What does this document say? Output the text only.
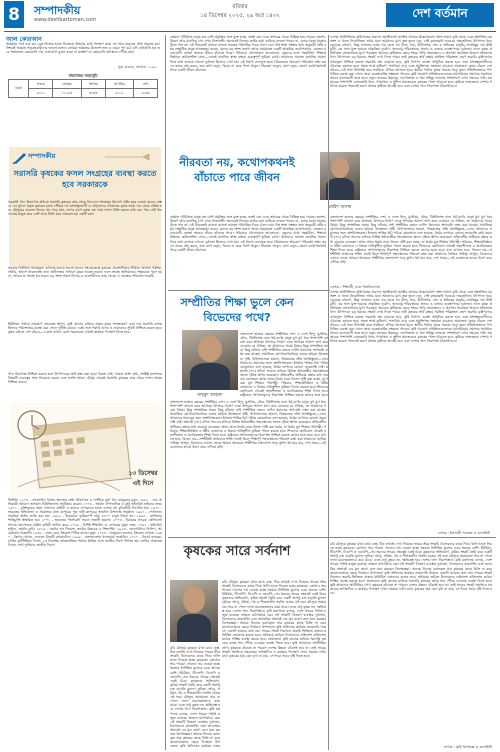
8	সম্পাদকীয়
www.deshbartoman.com
রবিবার
১৪ ডিসেম্বর ২০২৫, ২৯ অগ্র ১৪৩২	দেশ বর্তমান
আল কোরআন
আল্লাহর পথে ব্যয় কর এবং নিজের হাতে নিজেকে ধ্বংসের মধ্যে নিক্ষেপ করো না। আর মানুষের প্রতি অনুগ্রহ কর। নিশ্চয়ই আল্লাহ অনুগ্রহকারীদের ভালোবাসেন। তোমরা আল্লাহর উদ্দেশ্যে হজ ও ওমরা পূর্ণ কর। যদি বাধাপ্রাপ্ত হও তবে সহজলভ্য কোরবানি দাও এবং মাথা মুণ্ডন করো না যতক্ষণ না কোরবানি যথাস্থানে পৌঁছে যায়।
সুরা বাকারা, আয়াত : ১৯৫
নামাজের সময়সূচি
ঢাকা	ফজর	জোহর	আসর	মাগরিব	এশা
	৫:১২	১১:৫৩	৩:৩৩	৫:১২	৬:৩৯
সম্পাদকীয়
সরাসরি কৃষকের ফসল সংগ্রহের ব্যবস্থা করতে হবে সরকারকে
সরকারি খাদ্য বিভাগের মাধ্যমে সরাসরি কৃষকের কাছ থেকে ধান-চাল সংগ্রহের উদ্যোগ প্রতি বছর নেওয়া হলেও বাস্তবে এর সুফল প্রকৃত কৃষকের হাতে পৌঁছায় না। মধ্যস্বত্বভোগী ও ফড়িয়াদের দৌরাত্ম্যে কৃষক ন্যায্য দাম থেকে বঞ্চিত হন। মৌসুমের শুরুতে ধানের দাম পড়ে যায়, ঋণের চাপে কৃষক কম দামে ফসল বিক্রি করতে বাধ্য হন। পরে সেই ধান গুদামে মজুত করে বেশি দামে বিক্রি করে লাভবান হয় একটি চক্র।
সরকার নির্ধারিত সংগ্রহমূল্য কাগজে-কলমে ভালো হলেও সংগ্রহকেন্দ্রে কৃষকের প্রবেশাধিকার সীমিত। আর্দ্রতা পরীক্ষা, লটারি, অ্যাপে নিবন্ধনসহ নানা জটিলতায় সাধারণ কৃষক আগ্রহ হারান। ফলে সংগ্রহ অভিযানের লক্ষ্যমাত্রা পূরণ হয় না, আবার যা সংগ্রহ হয় তারও বড় অংশ আসে মিলার ও ব্যবসায়ীদের কাছ থেকে। এ অবস্থার পরিবর্তন জরুরি।
ইউনিয়ন পর্যায়ে ভ্রাম্যমাণ ক্রয়কেন্দ্র স্থাপন, কৃষি কার্ডের মাধ্যমে প্রকৃত কৃষক শনাক্তকরণ এবং দাম সরাসরি ব্যাংক হিসাবে পরিশোধের ব্যবস্থা করা গেলে দুর্নীতি কমবে। একই সঙ্গে পর্যাপ্ত গুদাম ও শুকানোর সুবিধা নিশ্চিত করতে হবে। কৃষক বাঁচলে দেশ বাঁচবে—এ কথা মাথায় রেখে সরকারকে এখনই কার্যকর পদক্ষেপ নিতে হবে।
খাদ্য নিরাপত্তা নিশ্চিত করতে হলে উৎপাদকের স্বার্থ রক্ষা করা ছাড়া বিকল্প নেই। আমরা আশা করি, সংশ্লিষ্ট মন্ত্রণালয় বিষয়টি গুরুত্বের সঙ্গে বিবেচনা করবে এবং চলতি আমন মৌসুম থেকেই সরাসরি কৃষকের কাছ থেকে ফসল সংগ্রহ নিশ্চিত করবে।
১৩ ডিসেম্বর
এই দিনে
খ্রিস্টাব্দ ১২০৪ - তৎকালীন বিশ্বের অন্যতম শ্রেষ্ঠ চিকিৎসক ও দার্শনিক মুসা বিন মায়মুনের মৃত্যু। ১৬৪২ - ডাচ অভিযাত্রী আবেল তাসমান নিউজিল্যান্ড আবিষ্কার করেন। ১৭৭৪ - জার্মান ঔপন্যাসিক ও কবি হাইনরিখ হাইনের জন্ম। ১৯৭১ - মুক্তিযুদ্ধের সময় দখলদার বাহিনী ও তাদের দোসরদের হাতে দেশের বহু বুদ্ধিজীবী নিখোঁজ হন। ১৯৭৭ - ভারতের অভিনেতা ও প্রযোজক রাজ কাপুরের পুত্র ঋষি কাপুরের জন্মদিন উপলক্ষে অনুষ্ঠান। ১৯৮১ - পোল্যান্ডে সামরিক আইন জারি করা হয়। ১৯৮২ - ইয়েমেনে ভূমিকম্পে প্রায় ২৮০০ মানুষ নিহত হন। ১৯৯৫ - বসনিয়ায় শান্তিচুক্তি স্বাক্ষরিত হয়। ২০০১ - ভারতের পার্লামেন্ট ভবনে সন্ত্রাসী হামলা। ২০০৩ - ইরাকের সাবেক প্রেসিডেন্ট সাদ্দাম হোসেনকে মার্কিন বাহিনী আটক করে। ২০১৬ - বিশিষ্ট শিক্ষাবিদ ও লেখকের মৃত্যু। জন্ম: ১৭৯৭ - হাইনরিখ হাইনে, জার্মান কবি। ১৮১৬ - ভের্নার ফন সিমেন্স, জার্মান উদ্ভাবক ও শিল্পপতি। ১৯২৩ - অ্যান্টোনিও ফিলিপ, আমেরিকান বিজ্ঞানী। ১৯৪৮ - জেফ বেক, ইংরেজ গিটার বাদক। মৃত্যু: ১৭৮৪ - স্যামুয়েল জনসন, ইংরেজ লেখক। ১৯৩০ - ফ্রিৎস প্রেগল, নোবেল বিজয়ী রসায়নবিদ। ১৯৯৫ - বাংলাদেশের খ্যাতনামা ভাষাবিদ। ২০১০ - রিচার্ড হলব্রুক, মার্কিন কূটনীতিক। দিবস: ১৩ ডিসেম্বর আন্তর্জাতিক পর্যায়ে বিভিন্ন দেশে জাতীয় দিবস পালিত হয়। মাল্টার প্রজাতন্ত্র দিবস। সেন্ট লুসিয়ার জাতীয় দিবস।
বর্তমান পৃথিবীতে মানুষ যত বেশি প্রযুক্তির সঙ্গে যুক্ত হচ্ছে, ততই যেন একে অপরের থেকে বিচ্ছিন্ন হয়ে পড়ছে। হতাশা, উদ্বেগ আর মানসিক চাপ এখন নিত্যসঙ্গী। অনেকেই নিজের কষ্টের কথা কাউকে বলতে পারেন না, বলার মতো মানুষও খুঁজে পান না। এই নীরবতাই কখনো কখনো ভয়াবহ পরিণতির দিকে ঠেলে দেয়। বিশ্ব স্বাস্থ্য সংস্থার তথ্য অনুযায়ী প্রতি বছর লক্ষাধিক মানুষ আত্মহত্যা করেন, যাদের বড় অংশ তরুণ। অথচ সময়মতো একটি আন্তরিক কথোপকথন, একজন মনোযোগী শ্রোতা অনেক জীবন বাঁচাতে পারে। পরিবারে খোলামেলা আলোচনা, বন্ধুদের মধ্যে সহমর্মিতা, শিক্ষাপ্রতিষ্ঠানে কাউন্সেলিং সেবা—এসবই মানসিক স্বাস্থ্য রক্ষায় গুরুত্বপূর্ণ ভূমিকা রাখে। আমাদের সমাজে মানসিক সমস্যা নিয়ে কথা বলাকে এখনো দুর্বলতা হিসেবে দেখা হয়। এই ধারণা বদলাতে হবে। প্রিয়জনের আচরণে পরিবর্তন লক্ষ্য করলে তাকে প্রশ্ন করুন, তার কথা শুনুন, বিচার না করে পাশে থাকুন। নীরবতা ভাঙুন, কথা বলুন—কারণ কথোপকথনই পারে একটি জীবন বাঁচাতে।
দেশের অর্থনীতিতে কৃষিখাতের অবদান অনস্বীকার্য। জাতীয় আয়ের উল্লেখযোগ্য অংশ আসে কৃষি থেকে এবং শ্রমশক্তির বড় অংশ এ খাতে নিয়োজিত। অথচ যারা আমাদের মুখে অন্ন তুলে দেন, সেই কৃষকেরাই সবচেয়ে অবহেলিত। উৎপাদন খরচ বেড়েছে বহুগুণ, কিন্তু ফসলের ন্যায্য দাম মেলে না। বীজ, সার, কীটনাশক, সেচ ও শ্রমিকের মজুরি—সবকিছুর দাম ঊর্ধ্বমুখী। এর সঙ্গে যুক্ত হয়েছে প্রাকৃতিক দুর্যোগ, জলবায়ু পরিবর্তনের প্রভাব ও বাজার ব্যবস্থাপনার দুর্বলতা। ফলে কৃষক প্রতিনিয়ত লোকসানের মুখে পড়ছেন। অনেকে কৃষিকাজ ছেড়ে শহরে পাড়ি জমাচ্ছেন। এ প্রবণতা অব্যাহত থাকলে ভবিষ্যতে খাদ্য উৎপাদনে বড় ধরনের সংকট দেখা দিতে পারে। তাই কৃষকের স্বার্থ রক্ষায় সমন্বিত পরিকল্পনা গ্রহণ জরুরি। কৃষিপণ্যের ন্যায্যমূল্য নিশ্চিত করতে সরকারি ক্রয় বাড়াতে হবে, কৃষি বিপণন ব্যবস্থা আধুনিক করতে হবে এবং মধ্যস্বত্বভোগীদের দৌরাত্ম্য কমাতে হবে। সহজ শর্তে কৃষিঋণ, শস্যবিমা চালু এবং প্রযুক্তিগত সহায়তা বাড়ানো প্রয়োজন। কৃষক বাঁচলে দেশ বাঁচবে—এই সত্য উপলব্ধি করে সবাইকে এগিয়ে আসতে হবে। স্থানীয় পর্যায়ে কৃষক সমবায় গড়ে তুলে সম্মিলিতভাবে পণ্য বিক্রির ব্যবস্থা করা গেলে তারা দরকষাকষির সক্ষমতা পাবেন। কৃষি গবেষণা প্রতিষ্ঠানগুলোকে মাঠপর্যায়ের সমস্যার সমাধানে আরও মনোযোগী হতে হবে। নতুন জাতের উদ্ভাবন, লবণাক্ততা ও খরা সহিষ্ণু ফসলের সম্প্রসারণ এখন সময়ের দাবি। সরকারের পাশাপাশি বেসরকারি খাত, গণমাধ্যম ও সুশীল সমাজকেও কৃষকের পাশে দাঁড়াতে হবে। কৃষিকে লাভজনক পেশায় পরিণত করতে পারলেই তরুণ প্রজন্ম কৃষিতে আগ্রহী হবে এবং দেশের খাদ্য নিরাপত্তা টেকসই হবে।
নীরবতা নয়, কথোপকথনই বাঁচাতে পারে জীবন
মেহিদ আলম
বর্তমান পৃথিবীতে মানুষ যত বেশি প্রযুক্তির সঙ্গে যুক্ত হচ্ছে, ততই যেন একে অপরের থেকে বিচ্ছিন্ন হয়ে পড়ছে। হতাশা, উদ্বেগ আর মানসিক চাপ এখন নিত্যসঙ্গী। অনেকেই নিজের কষ্টের কথা কাউকে বলতে পারেন না, বলার মতো মানুষও খুঁজে পান না। এই নীরবতাই কখনো কখনো ভয়াবহ পরিণতির দিকে ঠেলে দেয়। বিশ্ব স্বাস্থ্য সংস্থার তথ্য অনুযায়ী প্রতি বছর লক্ষাধিক মানুষ আত্মহত্যা করেন, যাদের বড় অংশ তরুণ। অথচ সময়মতো একটি আন্তরিক কথোপকথন, একজন মনোযোগী শ্রোতা অনেক জীবন বাঁচাতে পারে। পরিবারে খোলামেলা আলোচনা, বন্ধুদের মধ্যে সহমর্মিতা, শিক্ষাপ্রতিষ্ঠানে কাউন্সেলিং সেবা—এসবই মানসিক স্বাস্থ্য রক্ষায় গুরুত্বপূর্ণ ভূমিকা রাখে। আমাদের সমাজে মানসিক সমস্যা নিয়ে কথা বলাকে এখনো দুর্বলতা হিসেবে দেখা হয়। এই ধারণা বদলাতে হবে। প্রিয়জনের আচরণে পরিবর্তন লক্ষ্য করলে তাকে প্রশ্ন করুন, তার কথা শুনুন, বিচার না করে পাশে থাকুন। নীরবতা ভাঙুন, কথা বলুন—কারণ কথোপকথনই পারে একটি জীবন বাঁচাতে।
বাংলাদেশ হাজার বছরের সম্প্রীতির দেশ। এ দেশে হিন্দু, মুসলিম, বৌদ্ধ, খ্রিস্টানসহ নানা ধর্ম-বর্ণের মানুষ যুগ যুগ ধরে পাশাপাশি বসবাস করে আসছে। উৎসবে-পার্বণে একে অপরের আনন্দ ভাগ করে নেওয়ার যে ঐতিহ্য, তা আমাদের গর্বের বিষয়। কিন্তু সাম্প্রতিক সময়ে কিছু ঘটনায় সেই সম্প্রীতির বন্ধনে ফাটল ধরানোর অপচেষ্টা লক্ষ্য করা যাচ্ছে। সামাজিক যোগাযোগমাধ্যমে গুজব ছড়িয়ে উত্তেজনা সৃষ্টি, উপাসনালয়ে হামলা, ভিন্নমতের প্রতি অসহিষ্ণুতা—এসব আমাদের সমাজের জন্য অশনিসংকেত। ইসলাম শান্তির ধর্ম। পবিত্র কোরআনে বলা হয়েছে, ধর্মের ব্যাপারে কোনো জবরদস্তি নেই। মহানবী (সা.) মদিনা সনদের মাধ্যমে বিভিন্ন ধর্মাবলম্বীর সহাবস্থানের অনন্য দৃষ্টান্ত স্থাপন করেছেন। প্রতিবেশীর অধিকার রক্ষার কথা বারবার বলেছেন। অথচ আজ ধর্মের নামে বিভেদ সৃষ্টি করা হচ্ছে, যা ধর্মের মূল শিক্ষার পরিপন্থী। পরিবার, শিক্ষাপ্রতিষ্ঠান ও ধর্মীয় নেতাদের এ বিষয়ে দায়িত্বশীল ভূমিকা পালন করতে হবে। শিশুদের ছোটবেলা থেকেই সহনশীলতা ও মানবিকতার শিক্ষা দিতে হবে। রাষ্ট্রকেও সংখ্যালঘুদের নিরাপত্তা নিশ্চিত করতে কঠোর হতে হবে। মনে রাখতে হবে, বিভেদ নয়—সম্প্রীতিই আমাদের শক্তি। সবাই মিলে শান্তিপূর্ণ সহাবস্থানের পরিবেশ রক্ষা করা আমাদের নৈতিক দায়িত্ব। আসুন, বিভেদের দেয়াল ভেঙে আমরা আবারও সম্প্রীতির বাংলাদেশ গড়ে তুলি। ধর্ম যার যার, দেশ সবার—এই চেতনাকে হৃদয়ে ধারণ করে এগিয়ে যাই।
লেখক : শিক্ষার্থী, ঢাকা বিশ্ববিদ্যালয়
সম্প্রীতির শিক্ষা ভুলে কেন বিভেদের পথে?
মাহমুদ আহমদ
বাংলাদেশ হাজার বছরের সম্প্রীতির দেশ। এ দেশে হিন্দু, মুসলিম, বৌদ্ধ, খ্রিস্টানসহ নানা ধর্ম-বর্ণের মানুষ যুগ যুগ ধরে পাশাপাশি বসবাস করে আসছে। উৎসবে-পার্বণে একে অপরের আনন্দ ভাগ করে নেওয়ার যে ঐতিহ্য, তা আমাদের গর্বের বিষয়। কিন্তু সাম্প্রতিক সময়ে কিছু ঘটনায় সেই সম্প্রীতির বন্ধনে ফাটল ধরানোর অপচেষ্টা লক্ষ্য করা যাচ্ছে। সামাজিক যোগাযোগমাধ্যমে গুজব ছড়িয়ে উত্তেজনা সৃষ্টি, উপাসনালয়ে হামলা, ভিন্নমতের প্রতি অসহিষ্ণুতা—এসব আমাদের সমাজের জন্য অশনিসংকেত। ইসলাম শান্তির ধর্ম। পবিত্র কোরআনে বলা হয়েছে, ধর্মের ব্যাপারে কোনো জবরদস্তি নেই। মহানবী (সা.) মদিনা সনদের মাধ্যমে বিভিন্ন ধর্মাবলম্বীর সহাবস্থানের অনন্য দৃষ্টান্ত স্থাপন করেছেন। প্রতিবেশীর অধিকার রক্ষার কথা বারবার বলেছেন। অথচ আজ ধর্মের নামে বিভেদ সৃষ্টি করা হচ্ছে, যা ধর্মের মূল শিক্ষার পরিপন্থী। পরিবার, শিক্ষাপ্রতিষ্ঠান ও ধর্মীয় নেতাদের এ বিষয়ে দায়িত্বশীল ভূমিকা পালন করতে হবে। শিশুদের ছোটবেলা থেকেই সহনশীলতা ও মানবিকতার শিক্ষা দিতে হবে। রাষ্ট্রকেও সংখ্যালঘুদের নিরাপত্তা নিশ্চিত করতে কঠোর হতে হবে।
বাংলাদেশ হাজার বছরের সম্প্রীতির দেশ। এ দেশে হিন্দু, মুসলিম, বৌদ্ধ, খ্রিস্টানসহ নানা ধর্ম-বর্ণের মানুষ যুগ যুগ ধরে পাশাপাশি বসবাস করে আসছে। উৎসবে-পার্বণে একে অপরের আনন্দ ভাগ করে নেওয়ার যে ঐতিহ্য, তা আমাদের গর্বের বিষয়। কিন্তু সাম্প্রতিক সময়ে কিছু ঘটনায় সেই সম্প্রীতির বন্ধনে ফাটল ধরানোর অপচেষ্টা লক্ষ্য করা যাচ্ছে। সামাজিক যোগাযোগমাধ্যমে গুজব ছড়িয়ে উত্তেজনা সৃষ্টি, উপাসনালয়ে হামলা, ভিন্নমতের প্রতি অসহিষ্ণুতা—এসব আমাদের সমাজের জন্য অশনিসংকেত। ইসলাম শান্তির ধর্ম। পবিত্র কোরআনে বলা হয়েছে, ধর্মের ব্যাপারে কোনো জবরদস্তি নেই। মহানবী (সা.) মদিনা সনদের মাধ্যমে বিভিন্ন ধর্মাবলম্বীর সহাবস্থানের অনন্য দৃষ্টান্ত স্থাপন করেছেন। প্রতিবেশীর অধিকার রক্ষার কথা বারবার বলেছেন। অথচ আজ ধর্মের নামে বিভেদ সৃষ্টি করা হচ্ছে, যা ধর্মের মূল শিক্ষার পরিপন্থী। পরিবার, শিক্ষাপ্রতিষ্ঠান ও ধর্মীয় নেতাদের এ বিষয়ে দায়িত্বশীল ভূমিকা পালন করতে হবে। শিশুদের ছোটবেলা থেকেই সহনশীলতা ও মানবিকতার শিক্ষা দিতে হবে। রাষ্ট্রকেও সংখ্যালঘুদের নিরাপত্তা নিশ্চিত করতে কঠোর হতে হবে। মনে রাখতে হবে, বিভেদ নয়—সম্প্রীতিই আমাদের শক্তি। সবাই মিলে শান্তিপূর্ণ সহাবস্থানের পরিবেশ রক্ষা করা আমাদের নৈতিক দায়িত্ব। আসুন, বিভেদের দেয়াল ভেঙে আমরা আবারও সম্প্রীতির বাংলাদেশ গড়ে তুলি। ধর্ম যার যার, দেশ সবার—এই চেতনাকে হৃদয়ে ধারণ করে এগিয়ে যাই।
দেশের অর্থনীতিতে কৃষিখাতের অবদান অনস্বীকার্য। জাতীয় আয়ের উল্লেখযোগ্য অংশ আসে কৃষি থেকে এবং শ্রমশক্তির বড় অংশ এ খাতে নিয়োজিত। অথচ যারা আমাদের মুখে অন্ন তুলে দেন, সেই কৃষকেরাই সবচেয়ে অবহেলিত। উৎপাদন খরচ বেড়েছে বহুগুণ, কিন্তু ফসলের ন্যায্য দাম মেলে না। বীজ, সার, কীটনাশক, সেচ ও শ্রমিকের মজুরি—সবকিছুর দাম ঊর্ধ্বমুখী। এর সঙ্গে যুক্ত হয়েছে প্রাকৃতিক দুর্যোগ, জলবায়ু পরিবর্তনের প্রভাব ও বাজার ব্যবস্থাপনার দুর্বলতা। ফলে কৃষক প্রতিনিয়ত লোকসানের মুখে পড়ছেন। অনেকে কৃষিকাজ ছেড়ে শহরে পাড়ি জমাচ্ছেন। এ প্রবণতা অব্যাহত থাকলে ভবিষ্যতে খাদ্য উৎপাদনে বড় ধরনের সংকট দেখা দিতে পারে। তাই কৃষকের স্বার্থ রক্ষায় সমন্বিত পরিকল্পনা গ্রহণ জরুরি। কৃষিপণ্যের ন্যায্যমূল্য নিশ্চিত করতে সরকারি ক্রয় বাড়াতে হবে, কৃষি বিপণন ব্যবস্থা আধুনিক করতে হবে এবং মধ্যস্বত্বভোগীদের দৌরাত্ম্য কমাতে হবে। সহজ শর্তে কৃষিঋণ, শস্যবিমা চালু এবং প্রযুক্তিগত সহায়তা বাড়ানো প্রয়োজন। কৃষক বাঁচলে দেশ বাঁচবে—এই সত্য উপলব্ধি করে সবাইকে এগিয়ে আসতে হবে। স্থানীয় পর্যায়ে কৃষক সমবায় গড়ে তুলে সম্মিলিতভাবে পণ্য বিক্রির ব্যবস্থা করা গেলে তারা দরকষাকষির সক্ষমতা পাবেন। কৃষি গবেষণা প্রতিষ্ঠানগুলোকে মাঠপর্যায়ের সমস্যার সমাধানে আরও মনোযোগী হতে হবে। নতুন জাতের উদ্ভাবন, লবণাক্ততা ও খরা সহিষ্ণু ফসলের সম্প্রসারণ এখন সময়ের দাবি। সরকারের পাশাপাশি বেসরকারি খাত, গণমাধ্যম ও সুশীল সমাজকেও কৃষকের পাশে দাঁড়াতে হবে। কৃষিকে লাভজনক পেশায় পরিণত করতে পারলেই তরুণ প্রজন্ম কৃষিতে আগ্রহী হবে এবং দেশের খাদ্য নিরাপত্তা টেকসই হবে।
লেখক : ইসলামী গবেষক ও কলামিস্ট
কৃষকের সারে সর্বনাশ
রবি মৌসুমে কৃষকরা যখন মাঠে ব্যস্ত, ঠিক তখনই দেখা দিয়েছে সারের তীব্র সংকট। ডিলারদের কাছে গিয়ে খালি হাতে ফিরতে হচ্ছে কৃষককে। কোথাও সার পাওয়া গেলেও দাম নেওয়া হচ্ছে সরকার নির্ধারিত মূল্যের চেয়ে অনেক বেশি। ইউরিয়া, টিএসপি, ডিএপি ও এমওপি—সব ধরনের সারের ক্ষেত্রেই একই চিত্র। কৃষকদের অভিযোগ, কৃত্রিম সংকট তৈরি করে একটি অসাধু চক্র বাড়তি মুনাফা লুটছে। আলু, সরিষা, গম ও শীতকালীন সবজি চাষের এই ভরা মৌসুমে সময়মতো সার না পেলে ফলন মারাত্মকভাবে কমে যাবে। এতে শুধু কৃষক নন, ক্ষতিগ্রস্ত হবে দেশের খাদ্য নিরাপত্তাও। কৃষি মন্ত্রণালয় বলছে, দেশে সারের পর্যাপ্ত মজুত রয়েছে। তাহলে মাঠপর্যায়ে কেন এই সংকট? বিতরণ ব্যবস্থার দুর্বলতা, ডিলারদের কারসাজি এবং তদারকির অভাবই এর মূল কারণ বলে মনে করছেন বিশেষজ্ঞরা। অনেক ডিলার বরাদ্দকৃত সার কৃষকের কাছে বিক্রি না করে কালোবাজারে ছেড়ে দিচ্ছেন। উপজেলা কৃষি অফিসের কার্যকর নজরদারি থাকলে এমনটা হওয়ার কথা নয়। সারের সংকট নিরসনে জরুরি ভিত্তিতে বাজার মনিটরিং জোরদার করতে হবে। অনিয়মে জড়িত ডিলারদের লাইসেন্স বাতিলসহ কঠোর শাস্তির ব্যবস্থা করতে হবে। প্রয়োজনে কৃষি কার্ডের মাধ্যমে সরাসরি কৃষকের কাছে সার পৌঁছে দেওয়ার ব্যবস্থা নিতে হবে। কৃষি আমাদের অর্থনীতির প্রাণ। কৃষককে বাঁচাতে না পারলে দেশের উন্নয়ন টেকসই হবে না। তাই সারের সংকট সমাধানে সরকারের তাৎক্ষণিক ও কার্যকর পদক্ষেপ এখন সময়ের দাবি। মাঠে কৃষকের ঘাম যেন বৃথা না যায়, সে দিকে সবার দৃষ্টি দিতে হবে।
রবি মৌসুমে কৃষকরা যখন মাঠে ব্যস্ত, ঠিক তখনই দেখা দিয়েছে সারের তীব্র সংকট। ডিলারদের কাছে গিয়ে খালি হাতে ফিরতে হচ্ছে কৃষককে। কোথাও সার পাওয়া গেলেও দাম নেওয়া হচ্ছে সরকার নির্ধারিত মূল্যের চেয়ে অনেক বেশি। ইউরিয়া, টিএসপি, ডিএপি ও এমওপি—সব ধরনের সারের ক্ষেত্রেই একই চিত্র। কৃষকদের অভিযোগ, কৃত্রিম সংকট তৈরি করে একটি অসাধু চক্র বাড়তি মুনাফা লুটছে। আলু, সরিষা, গম ও শীতকালীন সবজি চাষের এই ভরা মৌসুমে সময়মতো সার না পেলে ফলন মারাত্মকভাবে কমে যাবে। এতে শুধু কৃষক নন, ক্ষতিগ্রস্ত হবে দেশের খাদ্য নিরাপত্তাও। কৃষি মন্ত্রণালয় বলছে, দেশে সারের পর্যাপ্ত মজুত রয়েছে। তাহলে মাঠপর্যায়ে কেন এই সংকট? বিতরণ ব্যবস্থার দুর্বলতা, ডিলারদের কারসাজি এবং তদারকির অভাবই এর মূল কারণ বলে মনে করছেন বিশেষজ্ঞরা। অনেক ডিলার বরাদ্দকৃত সার কৃষকের কাছে বিক্রি না করে কালোবাজারে ছেড়ে দিচ্ছেন। উপজেলা কৃষি অফিসের কার্যকর নজর
রবি মৌসুমে কৃষকরা যখন মাঠে ব্যস্ত, ঠিক তখনই দেখা দিয়েছে সারের তীব্র সংকট। ডিলারদের কাছে গিয়ে খালি হাতে ফিরতে হচ্ছে কৃষককে। কোথাও সার পাওয়া গেলেও দাম নেওয়া হচ্ছে সরকার নির্ধারিত মূল্যের চেয়ে অনেক বেশি। ইউরিয়া, টিএসপি, ডিএপি ও এমওপি—সব ধরনের সারের ক্ষেত্রেই একই চিত্র। কৃষকদের অভিযোগ, কৃত্রিম সংকট তৈরি করে একটি অসাধু চক্র বাড়তি মুনাফা লুটছে। আলু, সরিষা, গম ও শীতকালীন সবজি চাষের এই ভরা মৌসুমে সময়মতো সার না পেলে ফলন মারাত্মকভাবে কমে যাবে। এতে শুধু কৃষক নন, ক্ষতিগ্রস্ত হবে দেশের খাদ্য নিরাপত্তাও। কৃষি মন্ত্রণালয় বলছে, দেশে সারের পর্যাপ্ত মজুত রয়েছে। তাহলে মাঠপর্যায়ে কেন এই সংকট? বিতরণ ব্যবস্থার দুর্বলতা, ডিলারদের কারসাজি এবং তদারকির অভাবই এর মূল কারণ বলে মনে করছেন বিশেষজ্ঞরা। অনেক ডিলার বরাদ্দকৃত সার কৃষকের কাছে বিক্রি না করে কালোবাজারে ছেড়ে দিচ্ছেন। উপজেলা কৃষি অফিসের কার্যকর নজরদারি থাকলে এমনটা হওয়ার কথা নয়। সারের সংকট নিরসনে জরুরি ভিত্তিতে বাজার মনিটরিং জোরদার করতে হবে। অনিয়মে জড়িত ডিলারদের লাইসেন্স বাতিলসহ কঠোর শাস্তির ব্যবস্থা করতে হবে। প্রয়োজনে কৃষি কার্ডের মাধ্যমে সরাসরি কৃষকের কাছে সার পৌঁছে দেওয়ার ব্যবস্থা নিতে হবে। কৃষি আমাদের অর্থনীতির প্রাণ। কৃষককে বাঁচাতে না পারলে দেশের উন্নয়ন টেকসই হবে না। তাই সারের সংকট সমাধানে সরকারের তাৎক্ষণিক ও কার্যকর পদক্ষেপ এখন সময়ের দাবি। মাঠে কৃষকের ঘাম যেন বৃথা না যায়, সে দিকে সবার দৃষ্টি দিতে হবে।
লেখক : কৃষি বিশেষজ্ঞ ও কলামিস্ট
